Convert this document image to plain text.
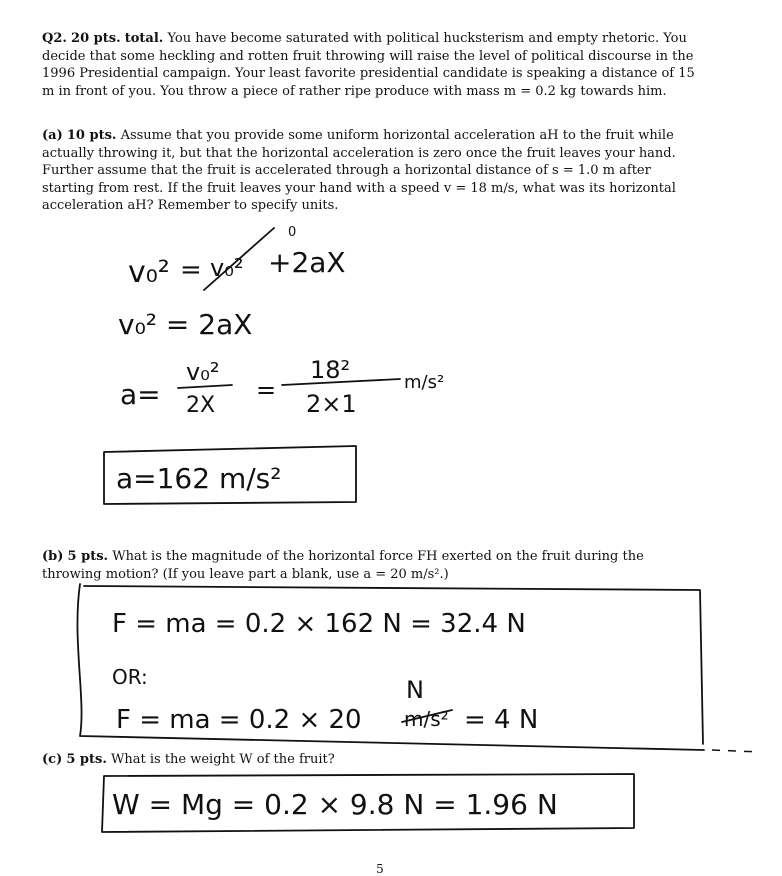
Q2. 20 pts. total. You have become saturated with political hucksterism and empty rhetoric. You decide that some heckling and rotten fruit throwing will raise the level of political discourse in the 1996 Presidential campaign. Your least favorite presidential candidate is speaking a distance of 15 m in front of you. You throw a piece of rather ripe produce with mass m = 0.2 kg towards him.

(a) 10 pts. Assume that you provide some uniform horizontal acceleration aH to the fruit while actually throwing it, but that the horizontal acceleration is zero once the fruit leaves your hand. Further assume that the fruit is accelerated through a horizontal distance of s = 1.0 m after starting from rest. If the fruit leaves your hand with a speed v = 18 m/s, what was its horizontal acceleration aH? Remember to specify units.

(b) 5 pts. What is the magnitude of the horizontal force FH exerted on the fruit during the throwing motion? (If you leave part a blank, use a = 20 m/s².)

(c) 5 pts. What is the weight W of the fruit?

v₀² = v₀² +2aX
0
v₀² = 2aX
a=
v₀²
2X
=
18²
2×1
m/s²
a=162 m/s²
F = ma = 0.2 × 162 N = 32.4 N
OR:
F = ma = 0.2 × 20 m/s²
N
= 4 N
W = Mg = 0.2 × 9.8 N = 1.96 N
5
